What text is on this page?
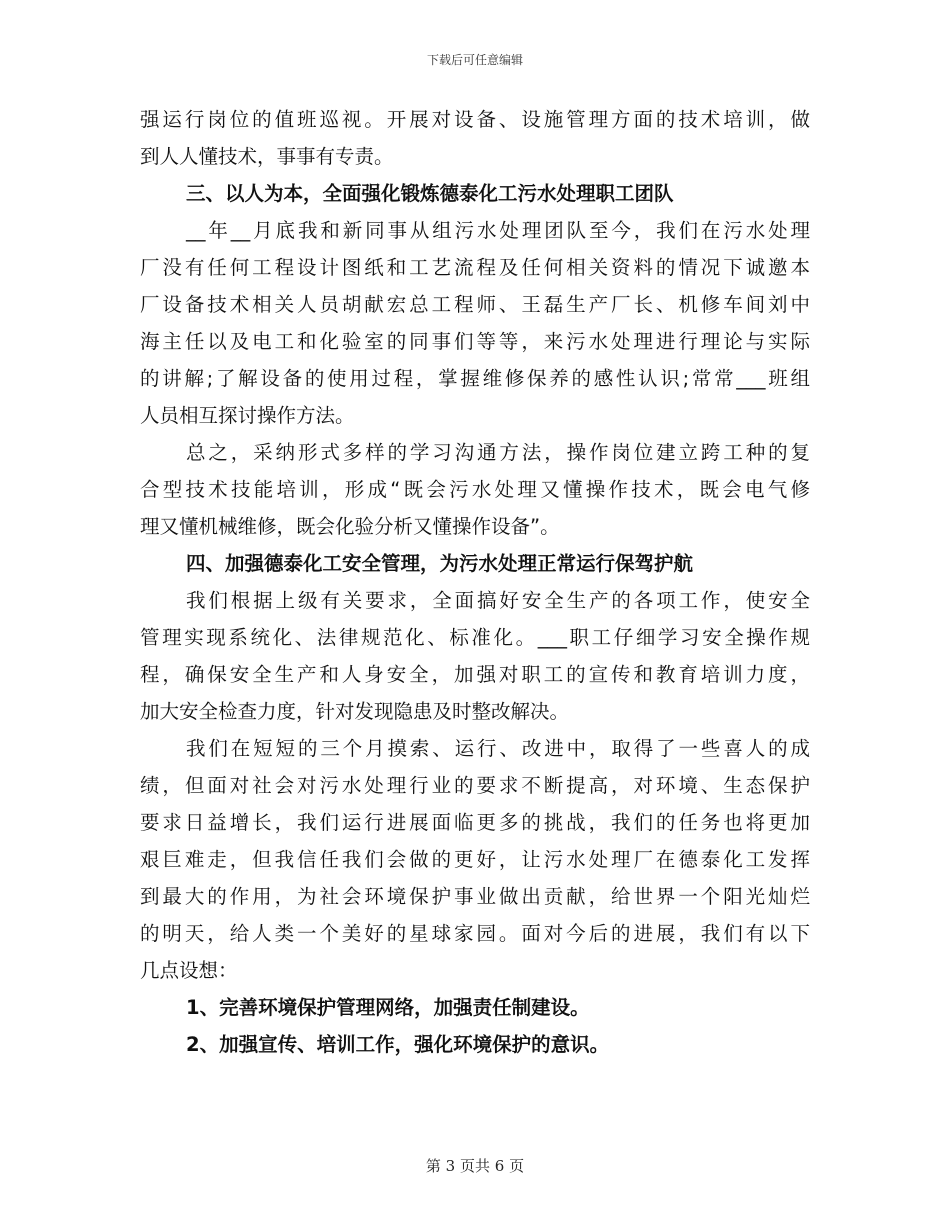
下载后可任意编辑
强运行岗位的值班巡视。开展对设备、设施管理方面的技术培训，做
到人人懂技术，事事有专责。
三、以人为本，全面强化锻炼德泰化工污水处理职工团队
__年__月底我和新同事从组污水处理团队至今，我们在污水处理
厂没有任何工程设计图纸和工艺流程及任何相关资料的情况下诚邀本
厂设备技术相关人员胡献宏总工程师、王磊生产厂长、机修车间刘中
海主任以及电工和化验室的同事们等等，来污水处理进行理论与实际
的讲解;了解设备的使用过程，掌握维修保养的感性认识;常常___班组
人员相互探讨操作方法。
总之，采纳形式多样的学习沟通方法，操作岗位建立跨工种的复
合型技术技能培训，形成“既会污水处理又懂操作技术，既会电气修
理又懂机械维修，既会化验分析又懂操作设备”。
四、加强德泰化工安全管理，为污水处理正常运行保驾护航
我们根据上级有关要求，全面搞好安全生产的各项工作，使安全
管理实现系统化、法律规范化、标准化。___职工仔细学习安全操作规
程，确保安全生产和人身安全，加强对职工的宣传和教育培训力度，
加大安全检查力度，针对发现隐患及时整改解决。
我们在短短的三个月摸索、运行、改进中，取得了一些喜人的成
绩，但面对社会对污水处理行业的要求不断提高，对环境、生态保护
要求日益增长，我们运行进展面临更多的挑战，我们的任务也将更加
艰巨难走，但我信任我们会做的更好，让污水处理厂在德泰化工发挥
到最大的作用，为社会环境保护事业做出贡献，给世界一个阳光灿烂
的明天，给人类一个美好的星球家园。面对今后的进展，我们有以下
几点设想：
1、完善环境保护管理网络，加强责任制建设。
2、加强宣传、培训工作，强化环境保护的意识。
第 3 页共 6 页
